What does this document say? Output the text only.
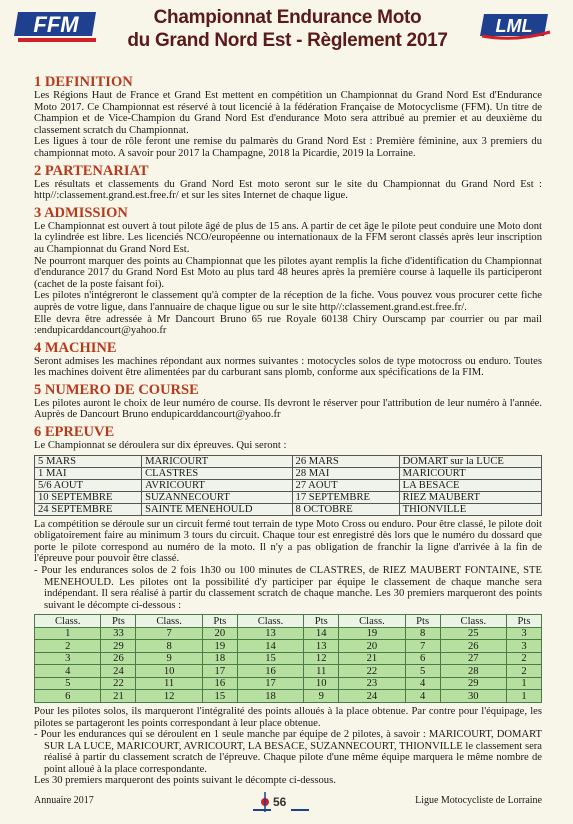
FFM	Championnat Endurance Moto
du Grand Nord Est - Règlement 2017
LML
1 DEFINITION

Les Régions Haut de France et Grand Est mettent en compétition un Championnat du Grand Nord Est d'Endurance Moto 2017. Ce Championnat est réservé à tout licencié à la fédération Française de Motocyclisme (FFM). Un titre de Champion et de Vice-Champion du Grand Nord Est d'endurance Moto sera attribué au premier et au deuxième du classement scratch du Championnat.

Les ligues à tour de rôle feront une remise du palmarès du Grand Nord Est : Première féminine, aux 3 premiers du championnat moto. A savoir pour 2017 la Champagne, 2018 la Picardie, 2019 la Lorraine.

2 PARTENARIAT

Les résultats et classements du Grand Nord Est moto seront sur le site du Championnat du Grand Nord Est : http//:classement.grand.est.free.fr/ et sur les sites Internet de chaque ligue.

3 ADMISSION

Le Championnat est ouvert à tout pilote âgé de plus de 15 ans. A partir de cet âge le pilote peut conduire une Moto dont la cylindrée est libre. Les licenciés NCO/européenne ou internationaux de la FFM seront classés après leur inscription au Championnat du Grand Nord Est.

Ne pourront marquer des points au Championnat que les pilotes ayant remplis la fiche d'identification du Championnat d'endurance 2017 du Grand Nord Est Moto au plus tard 48 heures après la première course à laquelle ils participeront (cachet de la poste faisant foi).

Les pilotes n'intégreront le classement qu'à compter de la réception de la fiche. Vous pouvez vous procurer cette fiche auprès de votre ligue, dans l'annuaire de chaque ligue ou sur le site http//:classement.grand.est.free.fr/.

Elle devra être adressée à Mr Dancourt Bruno 65 rue Royale 60138 Chiry Ourscamp par courrier ou par mail :endupicarddancourt@yahoo.fr

4 MACHINE

Seront admises les machines répondant aux normes suivantes : motocycles solos de type motocross ou enduro. Toutes les machines doivent être alimentées par du carburant sans plomb, conforme aux spécifications de la FIM.

5 NUMERO DE COURSE

Les pilotes auront le choix de leur numéro de course. Ils devront le réserver pour l'attribution de leur numéro à l'année. Auprès de Dancourt Bruno endupicarddancourt@yahoo.fr

6 EPREUVE

Le Championnat se déroulera sur dix épreuves. Qui seront :

5 MARS	MARICOURT	26 MARS	DOMART sur la LUCE
1 MAI	CLASTRES	28 MAI	MARICOURT
5/6 AOUT	AVRICOURT	27 AOUT	LA BESACE
10 SEPTEMBRE	SUZANNECOURT	17 SEPTEMBRE	RIEZ MAUBERT
24 SEPTEMBRE	SAINTE MENEHOULD	8 OCTOBRE	THIONVILLE

La compétition se déroule sur un circuit fermé tout terrain de type Moto Cross ou enduro. Pour être classé, le pilote doit obligatoirement faire au minimum 3 tours du circuit. Chaque tour est enregistré dès lors que le numéro du dossard que porte le pilote correspond au numéro de la moto. Il n'y a pas obligation de franchir la ligne d'arrivée à la fin de l'épreuve pour pouvoir être classé.

- Pour les endurances solos de 2 fois 1h30 ou 100 minutes de CLASTRES, de RIEZ MAUBERT FONTAINE, STE MENEHOULD. Les pilotes ont la possibilité d'y participer par équipe le classement de chaque manche sera indépendant. Il sera réalisé à partir du classement scratch de chaque manche. Les 30 premiers marqueront des points suivant le décompte ci-dessous :

Class.	Pts	Class.	Pts	Class.	Pts	Class.	Pts	Class.	Pts
1	33	7	20	13	14	19	8	25	3
2	29	8	19	14	13	20	7	26	3
3	26	9	18	15	12	21	6	27	2
4	24	10	17	16	11	22	5	28	2
5	22	11	16	17	10	23	4	29	1
6	21	12	15	18	9	24	4	30	1

Pour les pilotes solos, ils marqueront l'intégralité des points alloués à la place obtenue. Par contre pour l'équipage, les pilotes se partageront les points correspondant à leur place obtenue.

- Pour les endurances qui se déroulent en 1 seule manche par équipe de 2 pilotes, à savoir : MARICOURT, DOMART SUR LA LUCE, MARICOURT, AVRICOURT, LA BESACE, SUZANNECOURT, THIONVILLE le classement sera réalisé à partir du classement scratch de l'épreuve. Chaque pilote d'une même équipe marquera le même nombre de point alloué à la place correspondante.

Les 30 premiers marqueront des points suivant le décompte ci-dessous.

Annuaire 2017	Ligue Motocycliste de Lorraine
56
